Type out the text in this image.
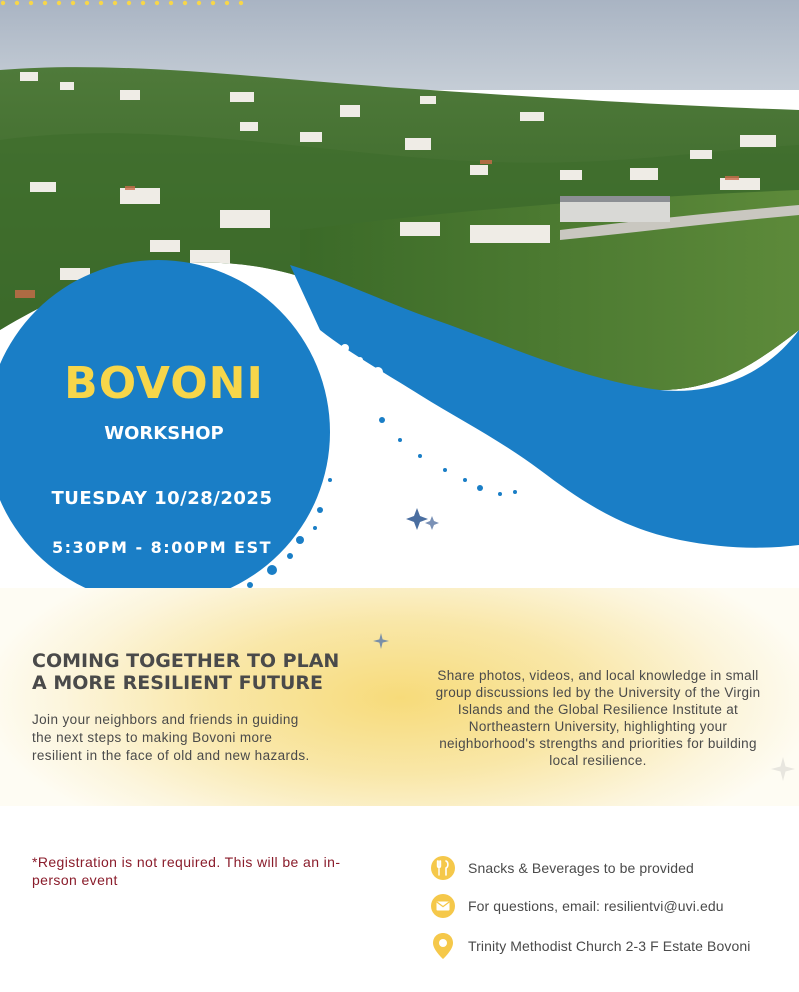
BOVONI
WORKSHOP
TUESDAY 10/28/2025
5:30PM - 8:00PM EST
COMING TOGETHER TO PLAN
A MORE RESILIENT FUTURE
Join your neighbors and friends in guiding the next steps to making Bovoni more resilient in the face of old and new hazards.
Share photos, videos, and local knowledge in small group discussions led by the University of the Virgin Islands and the Global Resilience Institute at Northeastern University, highlighting your neighborhood's strengths and priorities for building local resilience.
*Registration is not required. This will be an in-person event
Snacks & Beverages to be provided
For questions, email: resilientvi@uvi.edu
Trinity Methodist Church 2-3 F Estate Bovoni
